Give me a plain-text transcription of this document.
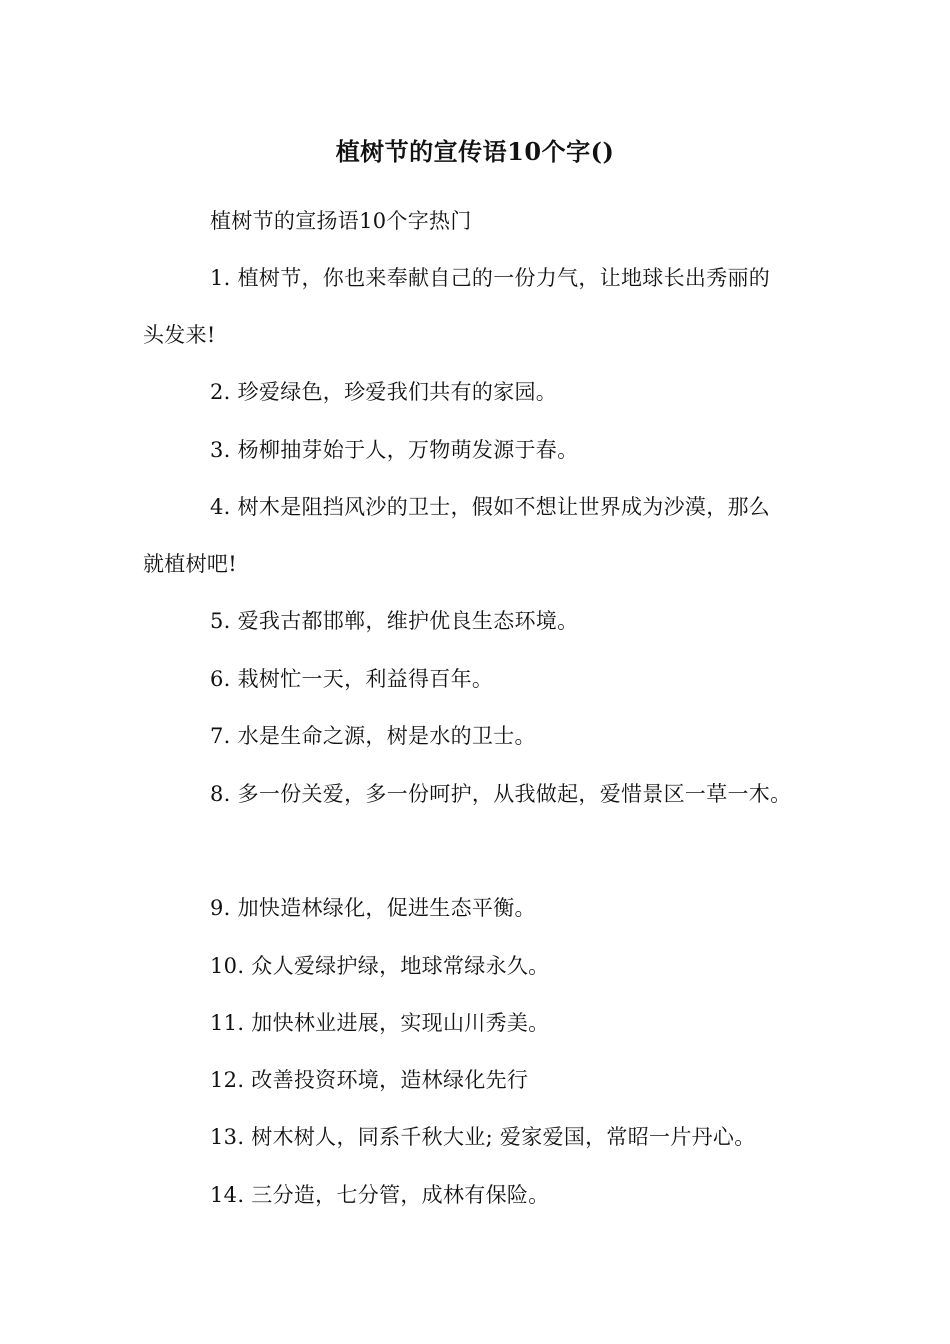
植树节的宣传语10个字()
植树节的宣扬语10个字热门
1. 植树节，你也来奉献自己的一份力气，让地球长出秀丽的
头发来!
2. 珍爱绿色，珍爱我们共有的家园。
3. 杨柳抽芽始于人，万物萌发源于春。
4. 树木是阻挡风沙的卫士，假如不想让世界成为沙漠，那么
就植树吧!
5. 爱我古都邯郸，维护优良生态环境。
6. 栽树忙一天，利益得百年。
7. 水是生命之源，树是水的卫士。
8. 多一份关爱，多一份呵护，从我做起，爱惜景区一草一木。
9. 加快造林绿化，促进生态平衡。
10. 众人爱绿护绿，地球常绿永久。
11. 加快林业进展，实现山川秀美。
12. 改善投资环境，造林绿化先行
13. 树木树人，同系千秋大业; 爱家爱国，常昭一片丹心。
14. 三分造，七分管，成林有保险。
